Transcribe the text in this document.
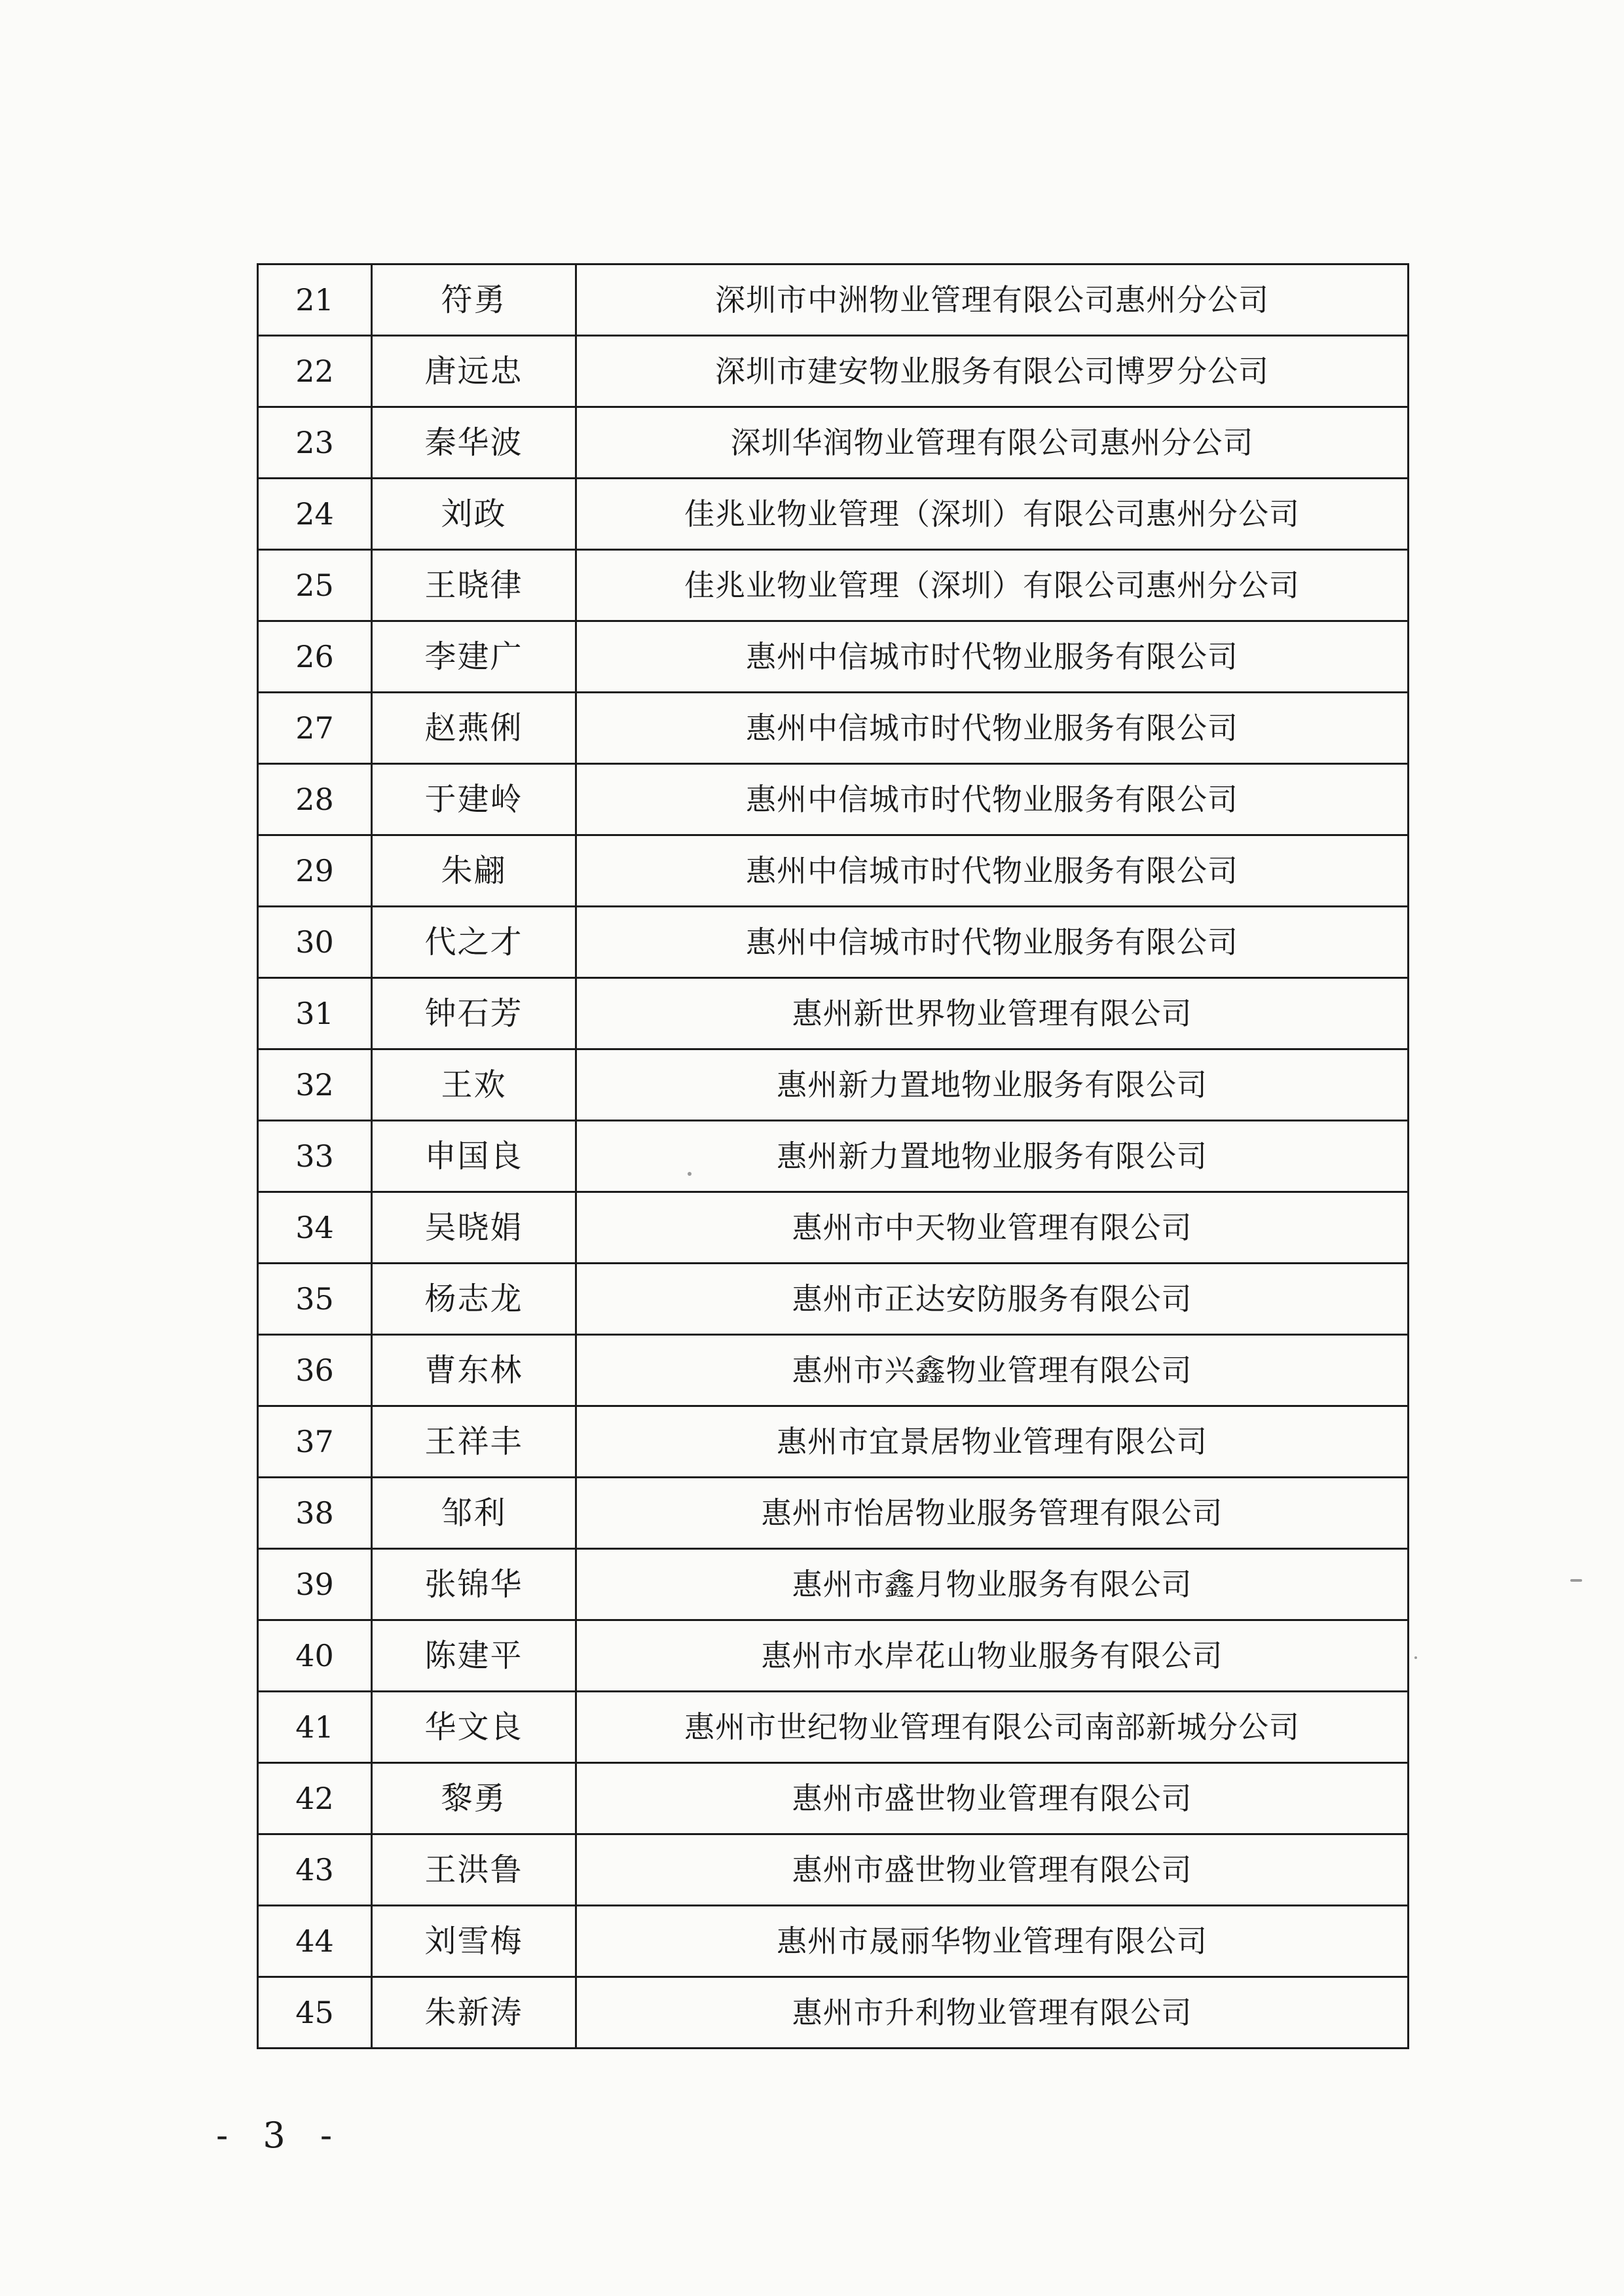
21	符勇	深圳市中洲物业管理有限公司惠州分公司
22	唐远忠	深圳市建安物业服务有限公司博罗分公司
23	秦华波	深圳华润物业管理有限公司惠州分公司
24	刘政	佳兆业物业管理（深圳）有限公司惠州分公司
25	王晓律	佳兆业物业管理（深圳）有限公司惠州分公司
26	李建广	惠州中信城市时代物业服务有限公司
27	赵燕俐	惠州中信城市时代物业服务有限公司
28	于建岭	惠州中信城市时代物业服务有限公司
29	朱翩	惠州中信城市时代物业服务有限公司
30	代之才	惠州中信城市时代物业服务有限公司
31	钟石芳	惠州新世界物业管理有限公司
32	王欢	惠州新力置地物业服务有限公司
33	申国良	惠州新力置地物业服务有限公司
34	吴晓娟	惠州市中天物业管理有限公司
35	杨志龙	惠州市正达安防服务有限公司
36	曹东林	惠州市兴鑫物业管理有限公司
37	王祥丰	惠州市宜景居物业管理有限公司
38	邹利	惠州市怡居物业服务管理有限公司
39	张锦华	惠州市鑫月物业服务有限公司
40	陈建平	惠州市水岸花山物业服务有限公司
41	华文良	惠州市世纪物业管理有限公司南部新城分公司
42	黎勇	惠州市盛世物业管理有限公司
43	王洪鲁	惠州市盛世物业管理有限公司
44	刘雪梅	惠州市晟丽华物业管理有限公司
45	朱新涛	惠州市升利物业管理有限公司
- 3 -
